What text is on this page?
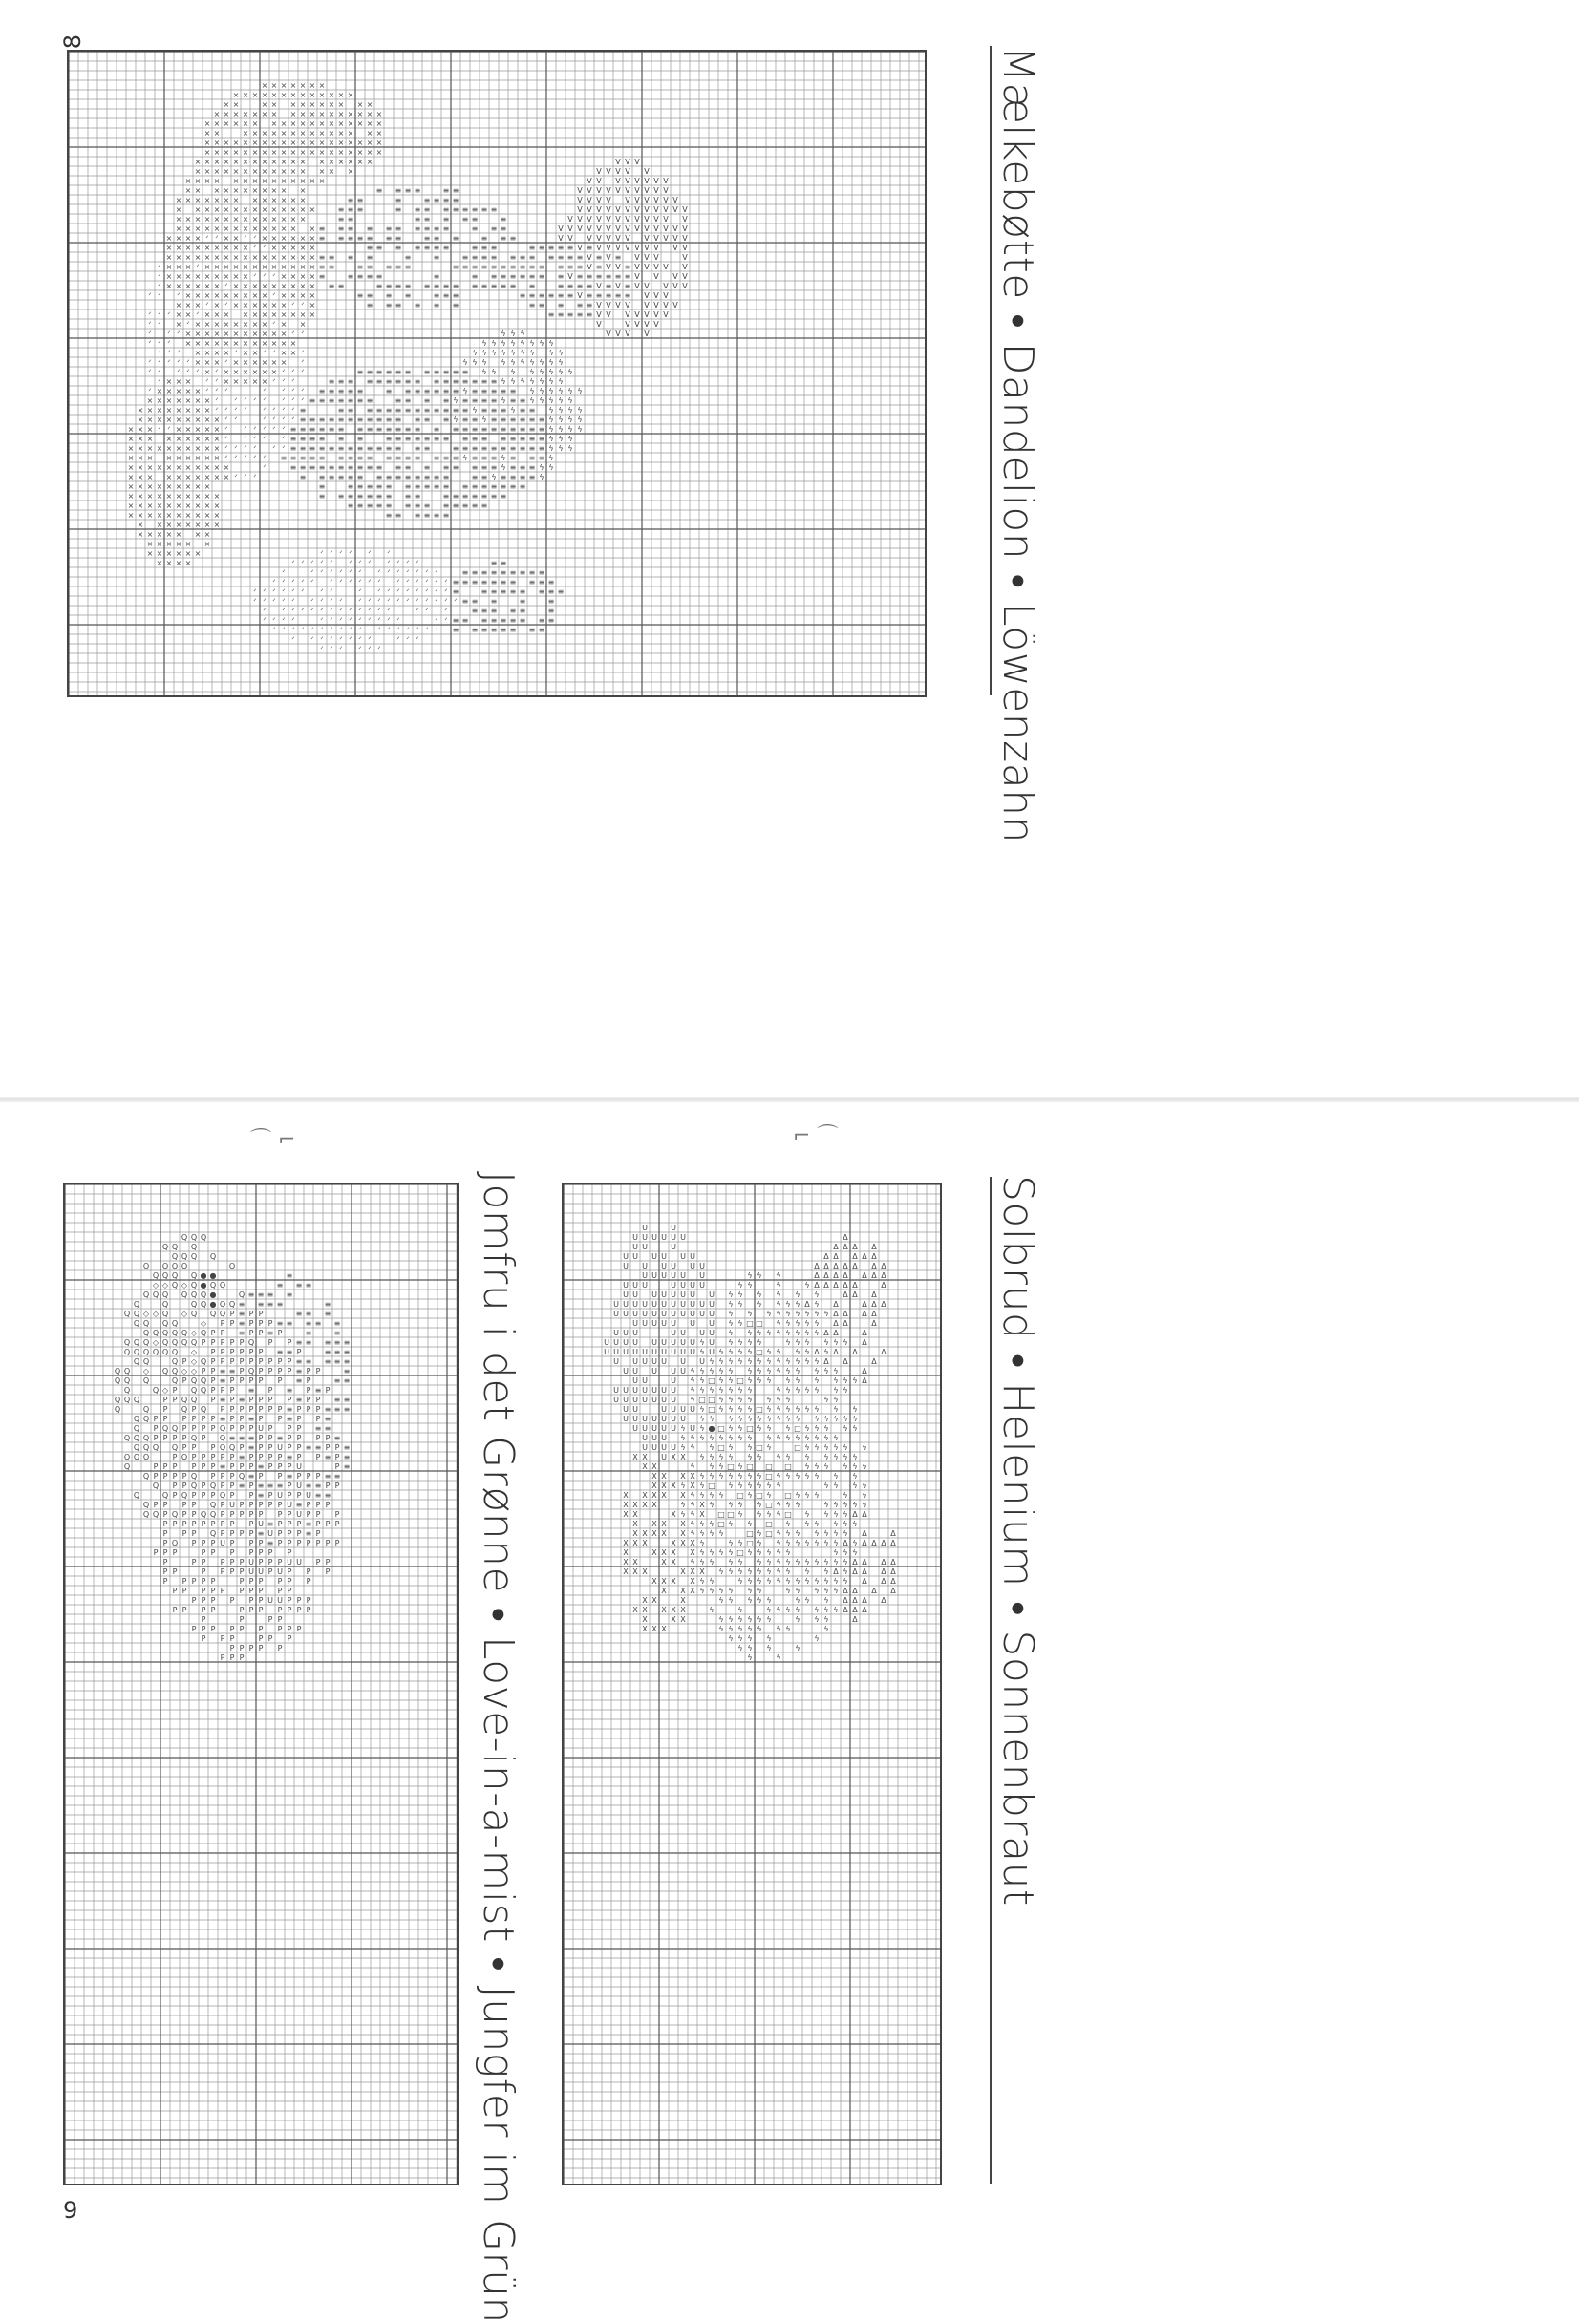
8
× × × × × × ×
× × × × × × × × × × × × ×
× ×	× × × × × × × × × ×
× × × × × × × × × × × × × × × × ×
× × × × × × × × × × × × × × × × × ×
× ×	× × × × × × × × × × × × × ×
× × × × × × × × × × × × × × × × × × ×
× × × × × × × × × × × × × × × × × × ×
× × × × × × × × × × × × × × × × × ×	V V V
× × × × × × × × × × × × × × ×	V V V V V
× × × × × × × × × × × × × ×	V V V V V V V V
× × × × × × × × × × ×	≡ ≡ ≡ ≡	≡ ≡	V V V V V V V V V V
× × × × × × × × × × × × ×	≡ ≡	≡	≡ ≡ ≡ ≡	V V V V V V V V V V
× × × × × × × × × × × × × ×	≡ ≡ ≡	≡ ≡ ≡ ≡ ≡ ≡ ≡ ≡ ≡	V V V V V V V V V V V V
× × × × × × × × × × × × × ×	≡ ≡	≡ ≡ ≡ ≡ ≡	≡	V V V V V V V V V V V V
× × × × × × × × × × × × × × ≡ ≡ ≡ ≡ ≡ ≡ ≡ ≡ ≡ ≡	≡ ≡ ≡	V V V V V V V V V V V V V V
× × × × ᐟ ᐟ × × ᐟ ᐟ × × × × × × ≡ ≡ ≡ ≡ ≡ ≡ ≡	≡ ≡ ≡	≡ ≡ ≡	V V V V V V V V V V V V
× × × × × × × × × ᐟ ᐟ × × × × ×	≡ ≡ ≡ ≡ ≡ ≡ ≡	≡ ≡ ≡	≡ ≡ ≡ ≡ ≡ V ≡ V V V V V V V V V
× × × × × × × × × × × × × × × × ≡ ≡ ≡ ≡	≡	≡	≡ ≡ ≡ ≡ ≡ ≡ ≡ ≡ ≡ ≡ ≡ V ≡ V ≡ V V V	V
ᐟ × × × ᐟ × × × × × × × × × × × × ≡ ≡	≡ ≡ ≡ ≡ ≡	≡ ≡ ≡ ≡ ≡ ≡ ≡ ≡ ≡ ≡ ≡ ≡ ≡ V ≡ V V ≡ V V V V V
ᐟ × × × × × × × × × ᐟ ᐟ ᐟ × × × × ≡	≡ ≡ ≡ ≡	≡	≡ ≡ ≡ ≡ ≡ ≡ ≡ ≡ V ≡ ≡ ≡ ≡ ≡ ≡ V V V V
ᐟ × × × × × × ᐟ × × × × × × × × × ≡ ≡	≡ ≡ ≡ ≡ ≡ ≡ ≡ ≡ ≡ ≡ ≡ ≡ ≡ ≡	≡ ≡ ≡ ≡ V ≡ V ≡ V V V V V
ᐟ ᐟ ᐟ × × × × × × × × × ᐟ × × × ×	≡ ≡ ≡ ≡	≡ ≡ ≡	≡ ≡ ≡ ≡ ≡ ≡ V ≡ ≡ ≡ ≡ ≡ V V V
× × × ᐟ × ᐟ × × × × × × ᐟ ᐟ ×	≡ ≡ ≡ ≡ ≡ ≡	≡ ≡ ≡ ≡ ≡ V V V V V V V V
ᐟ ᐟ ᐟ × × ᐟ × × × × × × × × × × ×	≡ ≡ ≡ ≡ ≡ V V V V V V V
ᐟ ᐟ × ᐟ × × × × × × × × ᐟ × ×	V	V V V V
ᐟ ᐟ ᐟ × × × × × × × × × × × ᐟ ᐟ	ϟ ϟ ϟ	V V V V
ᐟ ᐟ ᐟ × × × × × × × × × × × ×	ϟ ϟ ϟ ϟ ϟ ϟ ϟ ϟ
ᐟ ᐟ ᐟ × × × × ᐟ × × ᐟ ᐟ × × ᐟ	ϟ ϟ ϟ ϟ ϟ ϟ ϟ ϟ ϟ
ᐟ ᐟ ᐟ ᐟ ᐟ × × × ᐟ × × × × × × ᐟ	ϟ ϟ ϟ ϟ ϟ ϟ ϟ ϟ ϟ ϟ
ᐟ ᐟ ᐟ ᐟ ᐟ × ᐟ × × × × × × ᐟ ᐟ ᐟ	≡ ≡ ≡ ≡ ≡ ≡ ≡ ≡ ≡ ≡ ≡ ϟ ϟ ϟ ϟ ϟ ϟ ϟ ϟ
ᐟ × × × ᐟ ᐟ × × × × × ᐟ ᐟ ᐟ	≡ ≡ ≡ ≡ ≡ ≡ ≡ ≡ ≡ ≡ ≡ ≡ ≡ ≡ ≡ ≡ ϟ ϟ ϟ ϟ ϟ ϟ ϟ
ᐟ × × × × × ᐟ ᐟ ᐟ	ᐟ ᐟ ᐟ ᐟ ≡ ≡ ≡ ≡ ≡	≡ ≡ ≡ ≡ ≡ ≡ ≡ ϟ ≡ ≡ ≡ ≡ ≡ ϟ ϟ ϟ ϟ ϟ ϟ
× × × × × × × ᐟ ᐟ ᐟ ᐟ ᐟ ᐟ ᐟ ᐟ ≡ ≡ ≡ ≡ ≡ ≡ ≡	≡ ≡ ≡ ≡ ϟ ≡ ≡ ≡ ≡ ϟ ≡ ≡ ϟ ϟ ϟ ϟ ϟ
× × × × × × × × ᐟ ᐟ ᐟ ᐟ ᐟ ᐟ ᐟ ᐟ ≡	≡ ≡ ≡ ≡ ≡ ≡ ≡ ≡ ≡ ≡ ≡ ≡ ≡ ϟ ≡ ≡ ≡ ϟ ≡ ≡ ϟ ϟ ϟ ϟ
× × × × × × × × × ᐟ ᐟ	ᐟ ᐟ ᐟ ᐟ ≡ ≡ ≡ ≡ ≡ ≡ ≡ ≡ ≡ ≡ ≡ ≡ ≡ ≡ ϟ ≡ ≡ ϟ ≡ ≡ ≡ ≡ ≡ ≡ ϟ ϟ ϟ ϟ
× × × ᐟ ᐟ × × × × × ᐟ ᐟ ᐟ ᐟ ᐟ ᐟ ≡ ≡ ≡ ≡ ≡ ≡ ≡ ≡ ≡ ≡ ≡ ≡ ≡ ≡ ≡ ≡ ≡ ≡ ≡ ≡ ≡ ≡ ≡ ≡ ϟ ϟ ϟ ϟ
× × × × × × × × × ᐟ ᐟ ᐟ ᐟ ᐟ ≡ ≡ ≡ ≡ ≡ ≡	≡ ≡ ≡ ≡ ≡ ≡ ≡ ≡ ≡ ≡ ≡ ≡ ≡ ≡ ≡ ϟ ϟ ϟ
× × × × × × × × × × ᐟ ᐟ ᐟ ᐟ ᐟ ᐟ ≡ ≡ ≡ ≡ ≡ ≡ ≡ ≡ ≡ ≡ ≡ ≡ ≡ ≡	≡ ≡ ≡ ≡ ≡ ≡ ≡ ≡ ≡ ≡ ϟ ϟ ϟ
× × × × × × × × × ᐟ ᐟ ᐟ ᐟ ᐟ ≡ ≡ ≡ ≡ ≡ ≡ ≡ ≡ ≡ ≡ ≡ ≡ ≡ ≡ ≡ ≡ ϟ ≡ ≡ ≡ ϟ ≡ ≡ ≡ ϟ
× × × × × × × × × × ×	ᐟ	≡ ≡ ≡ ≡ ≡ ≡ ≡ ≡ ≡ ≡ ≡ ≡ ≡ ≡ ≡ ≡ ≡ ≡ ϟ ≡ ≡ ≡ ϟ ϟ
× × × × × × × × × × ᐟ ᐟ ᐟ	≡ ≡ ≡ ≡ ≡ ≡ ≡ ≡ ≡ ≡ ≡ ≡ ≡ ≡	≡ ≡ ϟ ≡ ≡ ≡ ≡ ϟ
× × × × × × × × ×	≡	≡ ≡ ≡ ≡ ≡ ≡ ≡ ≡ ≡ ≡ ≡ ≡ ≡ ≡ ≡ ≡ ≡
× × × × × × × × × ×	≡ ≡ ≡ ≡ ≡ ≡ ≡ ≡ ≡	≡ ≡ ≡ ≡ ≡ ≡ ≡
× × × × × × × × × ×	≡ ≡ ≡ ≡ ≡ ≡ ≡ ≡ ≡ ≡ ≡ ≡ ≡
× × × × × × × × × ×	≡ ≡ ≡ ≡ ≡ ≡
× × × × × × × ×
× × × × × × ×
× × × × × ×
× × × × × ×	ᐟ ᐟ ᐟ ᐟ ᐟ ᐟ
× × × ×	ᐟ ᐟ ᐟ ᐟ ᐟ ᐟ ᐟ ᐟ ᐟ ᐟ ᐟ ᐟ	≡ ≡
ᐟ	ᐟ ᐟ ᐟ ᐟ ᐟ ᐟ ᐟ ᐟ ᐟ ᐟ ᐟ ᐟ ᐟ	≡ ≡ ≡ ≡ ≡ ≡ ≡ ≡ ≡
ᐟ ᐟ ᐟ ᐟ ᐟ ᐟ ᐟ ᐟ ᐟ ᐟ ᐟ ᐟ ᐟ ᐟ ᐟ ᐟ ᐟ ≡ ≡ ≡ ≡ ≡ ≡ ≡ ≡ ≡ ≡
ᐟ ᐟ ᐟ ᐟ ᐟ ᐟ ᐟ ᐟ	ᐟ ᐟ ᐟ ᐟ ᐟ ᐟ ᐟ ᐟ ᐟ ≡	≡ ≡ ≡ ≡ ≡ ≡ ≡ ≡
ᐟ ᐟ ᐟ ᐟ ᐟ ᐟ ᐟ ᐟ ᐟ ᐟ ᐟ ᐟ ᐟ ᐟ ᐟ ᐟ ᐟ ᐟ ᐟ ᐟ ≡ ≡ ≡	≡	≡
ᐟ ᐟ ᐟ ᐟ ᐟ ᐟ ᐟ ᐟ ᐟ ᐟ ᐟ ᐟ ᐟ	ᐟ ᐟ ᐟ	≡ ≡ ≡ ≡ ≡	≡
ᐟ ᐟ ᐟ ᐟ	ᐟ ᐟ ᐟ ᐟ ᐟ ᐟ ᐟ ᐟ ᐟ	ᐟ ᐟ ≡ ≡ ≡ ≡ ≡ ≡ ≡ ≡ ≡
ᐟ ᐟ ᐟ ᐟ ᐟ ᐟ ᐟ ᐟ ᐟ ᐟ ᐟ ᐟ ᐟ ᐟ ᐟ ᐟ ᐟ ≡ ≡ ≡ ≡ ≡ ≡ ≡ ≡
ᐟ ᐟ ᐟ ᐟ ᐟ ᐟ ᐟ ᐟ	ᐟ ᐟ ᐟ
ᐟ ᐟ ᐟ ᐟ ᐟ ᐟ	Mælkebøtte • Dandelion • Löwenzahn
⌒ ⌐	⌐ ⌒
Q Q Q
Q Q Q
Q Q Q Q
Q Q Q Q	Q
Q Q Q Q ● ●	≡
◇ ◇ Q ◇ Q ● Q Q	≡ ≡ ≡
Q Q Q Q Q Q ●	Q ≡ ≡ ≡ ≡
Q	Q	Q Q ● Q Q ≡ ≡ ≡ ≡	≡
Q Q ◇ ◇ Q ◇ Q Q Q P ≡ P P	≡ ≡ ≡
Q Q Q Q	◇ P P ≡ P P P ≡ ≡ ≡ ≡ ≡
Q Q Q Q Q ◇ Q P P ≡ P P ≡ P	≡	≡
Q Q Q ◇ Q Q Q Q P P P P P Q P P ≡ ≡ ≡ ≡ ≡
Q Q Q Q Q Q ◇ P P P P P P ≡ ≡ P	≡ ≡ ≡
Q Q	Q P ◇ Q P P P P P P P P P ≡ ≡ ≡ ≡ ≡
Q Q ◇ Q Q ◇ ◇ P P ≡ ≡ P Q P P P P ≡ P P	≡
Q Q Q	Q P Q Q P ≡ P P P P P ≡ P	≡ ≡
Q	Q ◇ P Q Q P P P ≡ P ≡ P ≡ P
Q Q Q	P P Q Q P ≡ P ≡ P P P P ≡ P P ≡ ≡
Q	Q P Q P Q P P P P P P P ≡ P P P ≡ ≡ ≡
Q Q P P P P P P ≡ P P ≡ P P ≡ P P ≡
Q P Q Q P P P P Q P P P U P P P ≡ ≡
Q Q Q P P P P Q P Q ≡ ≡ ≡ P P ≡ P P P P ≡
Q Q Q Q P P P Q Q P ≡ P P U P P ≡ ≡ P P ≡
Q Q Q	P Q P P P P P ≡ P P P P ≡ P P ≡ P ≡
Q	P P P P P P ≡ P P P ≡ P P P U	P ≡
Q P P P P Q P P P Q ≡ P P ≡ P P P ≡ ≡
Q P P Q P Q P P ≡ P ≡ ≡ ≡ P U ≡ ≡ P P
Q	Q P Q P P P Q P P ≡ P U P P U ≡ ≡
Q P P P P Q P U P P P P P U ≡ P P P
Q Q P Q P P Q Q P P P P P P P U P P P
P P P P P P P P P U ≡ P P P ≡ P P P
P P P Q P P P P ≡ U P P P ≡ P
P Q P P P U P P P ≡ P P P P P P P
P P P	P P P P P P P
P	P P P P P U P P P U U P P
P P	P P P P U U P U P P P
P P P P P	P P P P P P
P P P P P P P P P P
P P P P P P U U P P P
P P P P	P P P P P P P
P	P	P P
P P P P P P P P P
P P P	P P P
P P P P P
P P P	Jomfru i det Grønne • Love-in-a-mist • Jungfer im Grün	U	U
U U U U U U	Δ
U U	U	Δ Δ Δ Δ
U U U U U U	Δ Δ Δ Δ Δ
U U U U U U	Δ Δ Δ Δ Δ Δ Δ
U U U U U U	ϟ ϟ ϟ	Δ Δ Δ Δ Δ Δ Δ
U U U	U U U U	ϟ ϟ	ϟ	ϟ Δ Δ Δ Δ Δ	Δ
U U U U U U U U ϟ ϟ ϟ ϟ ϟ ϟ	Δ Δ Δ
U U U U U U U U U U U ϟ ϟ ϟ ϟ ϟ ϟ Δ ϟ Δ	Δ Δ Δ
U U U U U U U U U U U ϟ ϟ ϟ ϟ ϟ ϟ ϟ ϟ ϟ Δ Δ Δ Δ
U U U U U U U ϟ ϟ □ □ ϟ ϟ ϟ ϟ ϟ Δ Δ	Δ
U U U	U U U U ϟ ϟ ϟ ϟ ϟ ϟ ϟ ϟ ϟ Δ Δ	Δ
U U U U U U U U U ϟ U ϟ ϟ ϟ ϟ	ϟ ϟ ϟ ϟ ϟ ϟ Δ
U U U U U U U U U U ϟ U ϟ ϟ ϟ ϟ □ ϟ ϟ ϟ ϟ Δ ϟ Δ Δ	Δ
U U U U U U U ϟ ϟ ϟ ϟ ϟ ϟ ϟ ϟ ϟ ϟ ϟ ϟ Δ Δ	Δ
U U U U U ϟ ϟ ϟ ϟ ϟ ϟ ϟ ϟ ϟ ϟ ϟ ϟ ϟ ϟ	Δ
U U	U ϟ ϟ □ ϟ ϟ □ ϟ ϟ ϟ ϟ ϟ ϟ ϟ ϟ ϟ Δ
U U U U U U U ϟ ϟ ϟ ϟ ϟ ϟ ϟ	ϟ ϟ ϟ ϟ ϟ ϟ ϟ
U U U U U U U ϟ □ □ ϟ ϟ ϟ ϟ ϟ ϟ ϟ	ϟ ϟ
U U	U U U U ϟ □ ϟ ϟ ϟ ϟ □ ϟ ϟ ϟ ϟ ϟ ϟ ϟ ϟ
U U U U U U U ϟ ϟ ϟ ϟ ϟ ϟ ϟ ϟ ϟ ϟ ϟ ϟ ϟ ϟ ϟ
U U U U U ϟ U ϟ ● □ ϟ ϟ □ ϟ ϟ ϟ □ ϟ ϟ ϟ ϟ ϟ
U U U ϟ ϟ ϟ ϟ ϟ ϟ ϟ ϟ ϟ ϟ ϟ ϟ ϟ ϟ ϟ ϟ
U U U U ϟ ϟ ϟ □ ϟ ϟ □ ϟ	□ ϟ ϟ ϟ ϟ ϟ ϟ
X X U X X ϟ ϟ ϟ ϟ ϟ ϟ ϟ ϟ ϟ ϟ ϟ ϟ ϟ
X X	ϟ ϟ ϟ □ ϟ □ □ □ ϟ ϟ ϟ ϟ ϟ ϟ
X X X X ϟ ϟ ϟ ϟ ϟ ϟ ϟ □ ϟ ϟ ϟ ϟ ϟ ϟ ϟ
X X X ϟ X ϟ □ ϟ ϟ ϟ ϟ ϟ ϟ	ϟ ϟ ϟ ϟ
X X X X X ϟ ϟ ϟ ϟ □ ϟ □ ϟ □ ϟ ϟ ϟ	ϟ ϟ
X X X X	ϟ ϟ X ϟ ϟ ϟ ϟ □ ϟ ϟ ϟ	ϟ ϟ ϟ ϟ ϟ
X X	X ϟ ϟ X □ □ ϟ ϟ ϟ ϟ □ ϟ ϟ ϟ ϟ Δ Δ
X X X X ϟ ϟ ϟ □ ϟ ϟ □ ϟ ϟ ϟ ϟ ϟ ϟ
X X X X X ϟ ϟ ϟ ϟ	□ ϟ □ ϟ ϟ ϟ ϟ ϟ ϟ ϟ Δ	Δ
X X X	X X X ϟ	ϟ ϟ □ ϟ ϟ ϟ ϟ ϟ ϟ ϟ ϟ Δ ϟ Δ Δ Δ Δ
X	X X X X ϟ ϟ ϟ ϟ □ ϟ ϟ ϟ ϟ ϟ	ϟ ϟ ϟ
X X	X X ϟ ϟ ϟ ϟ ϟ ϟ ϟ ϟ ϟ ϟ ϟ ϟ ϟ ϟ ϟ Δ Δ Δ Δ
X X X	X X X ϟ ϟ ϟ ϟ ϟ ϟ ϟ ϟ ϟ ϟ Δ ϟ Δ Δ Δ Δ
X X X X ϟ ϟ	ϟ ϟ ϟ ϟ ϟ ϟ ϟ ϟ ϟ ϟ ϟ ϟ Δ Δ Δ
X X X ϟ ϟ ϟ ϟ ϟ ϟ	ϟ ϟ ϟ ϟ ϟ Δ Δ Δ Δ
X X	X	ϟ ϟ ϟ ϟ ϟ	ϟ ϟ ϟ Δ Δ Δ Δ
X X X X X	ϟ	ϟ	ϟ ϟ ϟ ϟ ϟ ϟ ϟ Δ Δ Δ
X	X X	ϟ ϟ ϟ ϟ ϟ ϟ	ϟ ϟ ϟ	Δ
X X X	ϟ ϟ ϟ ϟ ϟ ϟ ϟ	ϟ
ϟ ϟ ϟ ϟ	ϟ
ϟ ϟ ϟ	ϟ
ϟ	ϟ	Solbrud • Helenium • Sonnenbraut
9
